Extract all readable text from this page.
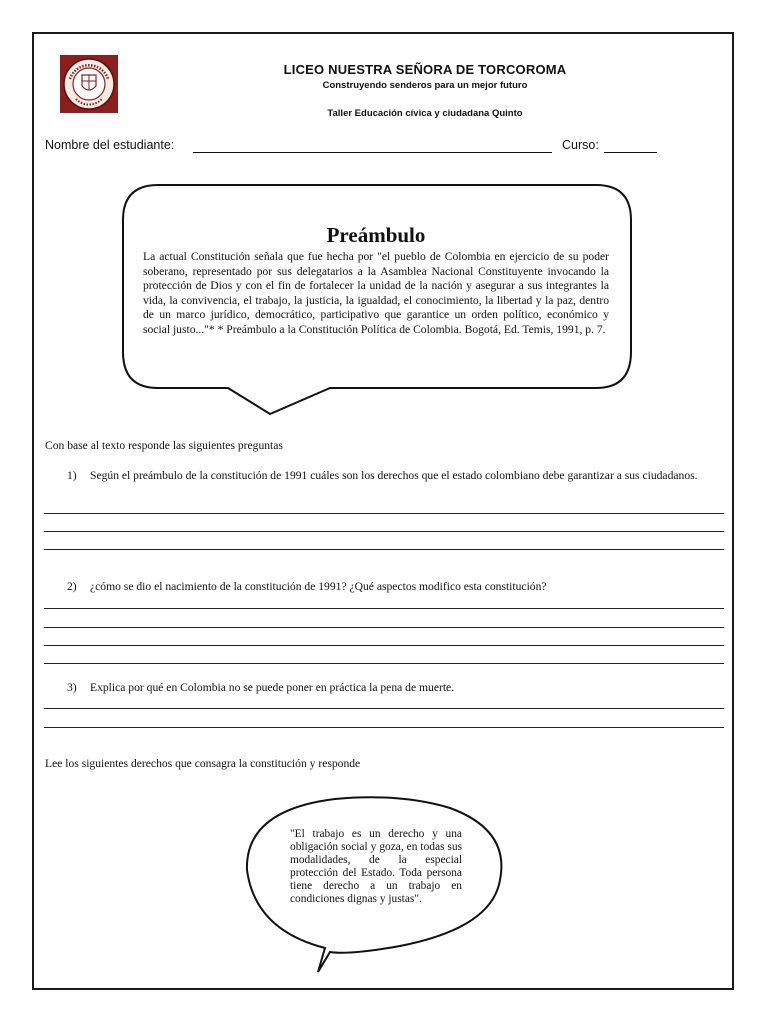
LICEO NUESTRA SEÑORA DE TORCOROMA
Construyendo senderos para un mejor futuro
Taller Educación cívica y ciudadana Quinto
Nombre del estudiante:	Curso:
Preámbulo
La actual Constitución señala que fue hecha por "el pueblo de Colombia en ejercicio de su poder soberano, representado por sus delegatarios a la Asamblea Nacional Constituyente invocando la protección de Dios y con el fin de fortalecer la unidad de la nación y asegurar a sus integrantes la vida, la convivencia, el trabajo, la justicia, la igualdad, el conocimiento, la libertad y la paz, dentro de un marco jurídico, democrático, participativo que garantice un orden político, económico y social justo..."* * Preámbulo a la Constitución Política de Colombia. Bogotá, Ed. Temis, 1991, p. 7.
Con base al texto responde las siguientes preguntas
1) Según el preámbulo de la constitución de 1991 cuáles son los derechos que el estado colombiano debe garantizar a sus ciudadanos.
2) ¿cómo se dio el nacimiento de la constitución de 1991? ¿Qué aspectos modifico esta constitución?
3) Explica por qué en Colombia no se puede poner en práctica la pena de muerte.
Lee los siguientes derechos que consagra la constitución y responde
"El trabajo es un derecho y una obligación social y goza, en todas sus modalidades, de la especial protección del Estado. Toda persona tiene derecho a un trabajo en condiciones dignas y justas".
